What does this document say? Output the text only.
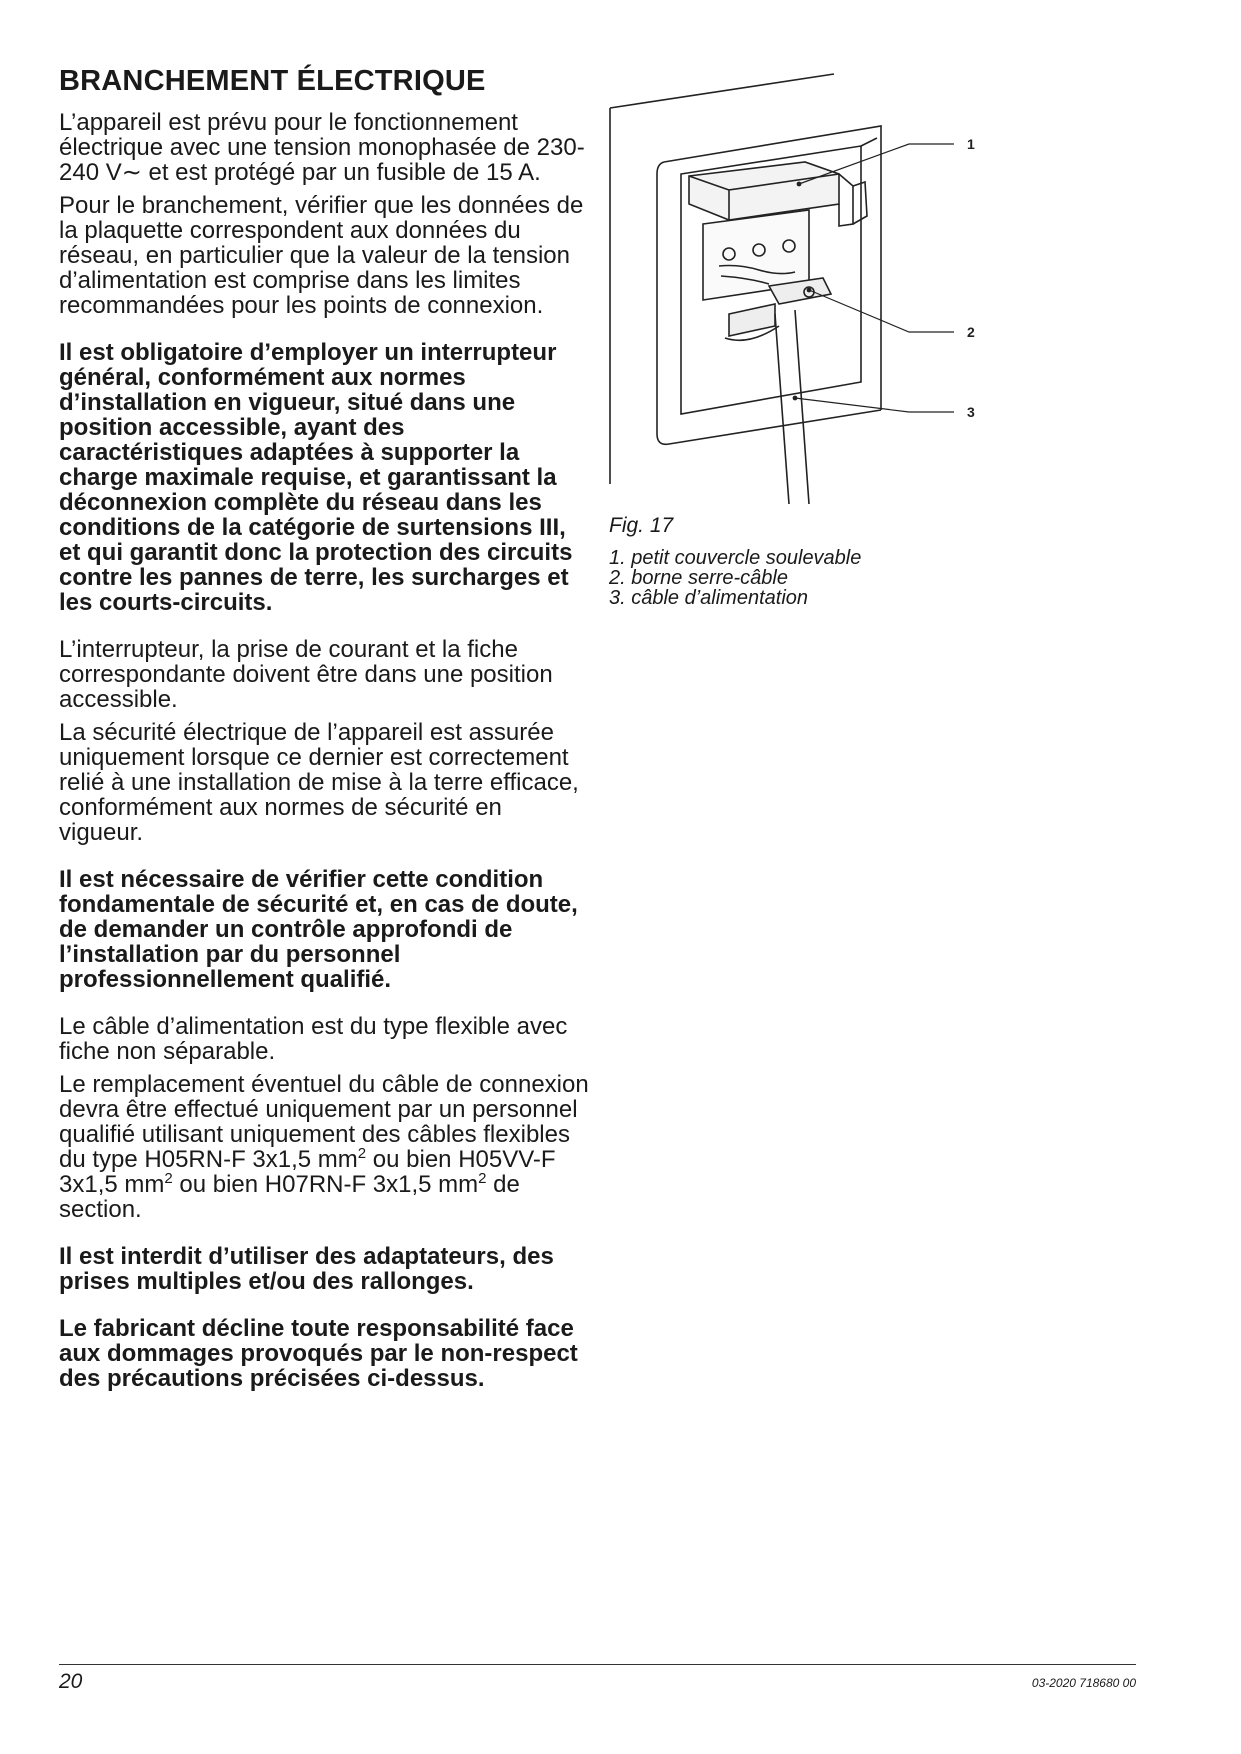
BRANCHEMENT ÉLECTRIQUE

L’appareil est prévu pour le fonctionnement électrique avec une tension monophasée de 230-240 V∼ et est protégé par un fusible de 15 A.

Pour le branchement, vérifier que les données de la plaquette correspondent aux données du réseau, en particulier que la valeur de la tension d’alimentation est comprise dans les limites recommandées pour les points de connexion.

Il est obligatoire d’employer un interrupteur général, conformément aux normes d’installation en vigueur, situé dans une position accessible, ayant des caractéristiques adaptées à supporter la charge maximale requise, et garantissant la déconnexion complète du réseau dans les conditions de la catégorie de surtensions III, et qui garantit donc la protection des circuits contre les pannes de terre, les surcharges et les courts-circuits.

L’interrupteur, la prise de courant et la fiche correspondante doivent être dans une position accessible.

La sécurité électrique de l’appareil est assurée uniquement lorsque ce dernier est correctement relié à une installation de mise à la terre efficace, conformément aux normes de sécurité en vigueur.

Il est nécessaire de vérifier cette condition fondamentale de sécurité et, en cas de doute, de demander un contrôle approfondi de l’installation par du personnel professionnellement qualifié.

Le câble d’alimentation est du type flexible avec fiche non séparable.

Le remplacement éventuel du câble de connexion devra être effectué uniquement par un personnel qualifié utilisant uniquement des câbles flexibles du type H05RN-F 3x1,5 $mm^2$ ou bien H05VV-F 3x1,5 $mm^2$ ou bien H07RN-F 3x1,5 $mm^2$ de section.

Il est interdit d’utiliser des adaptateurs, des prises multiples et/ou des rallonges.

Le fabricant décline toute responsabilité face aux dommages provoqués par le non-respect des précautions précisées ci-dessus.

1
2
3
Fig. 17
1. petit couvercle soulevable
2. borne serre-câble
3. câble d’alimentation
20	03-2020 718680 00
